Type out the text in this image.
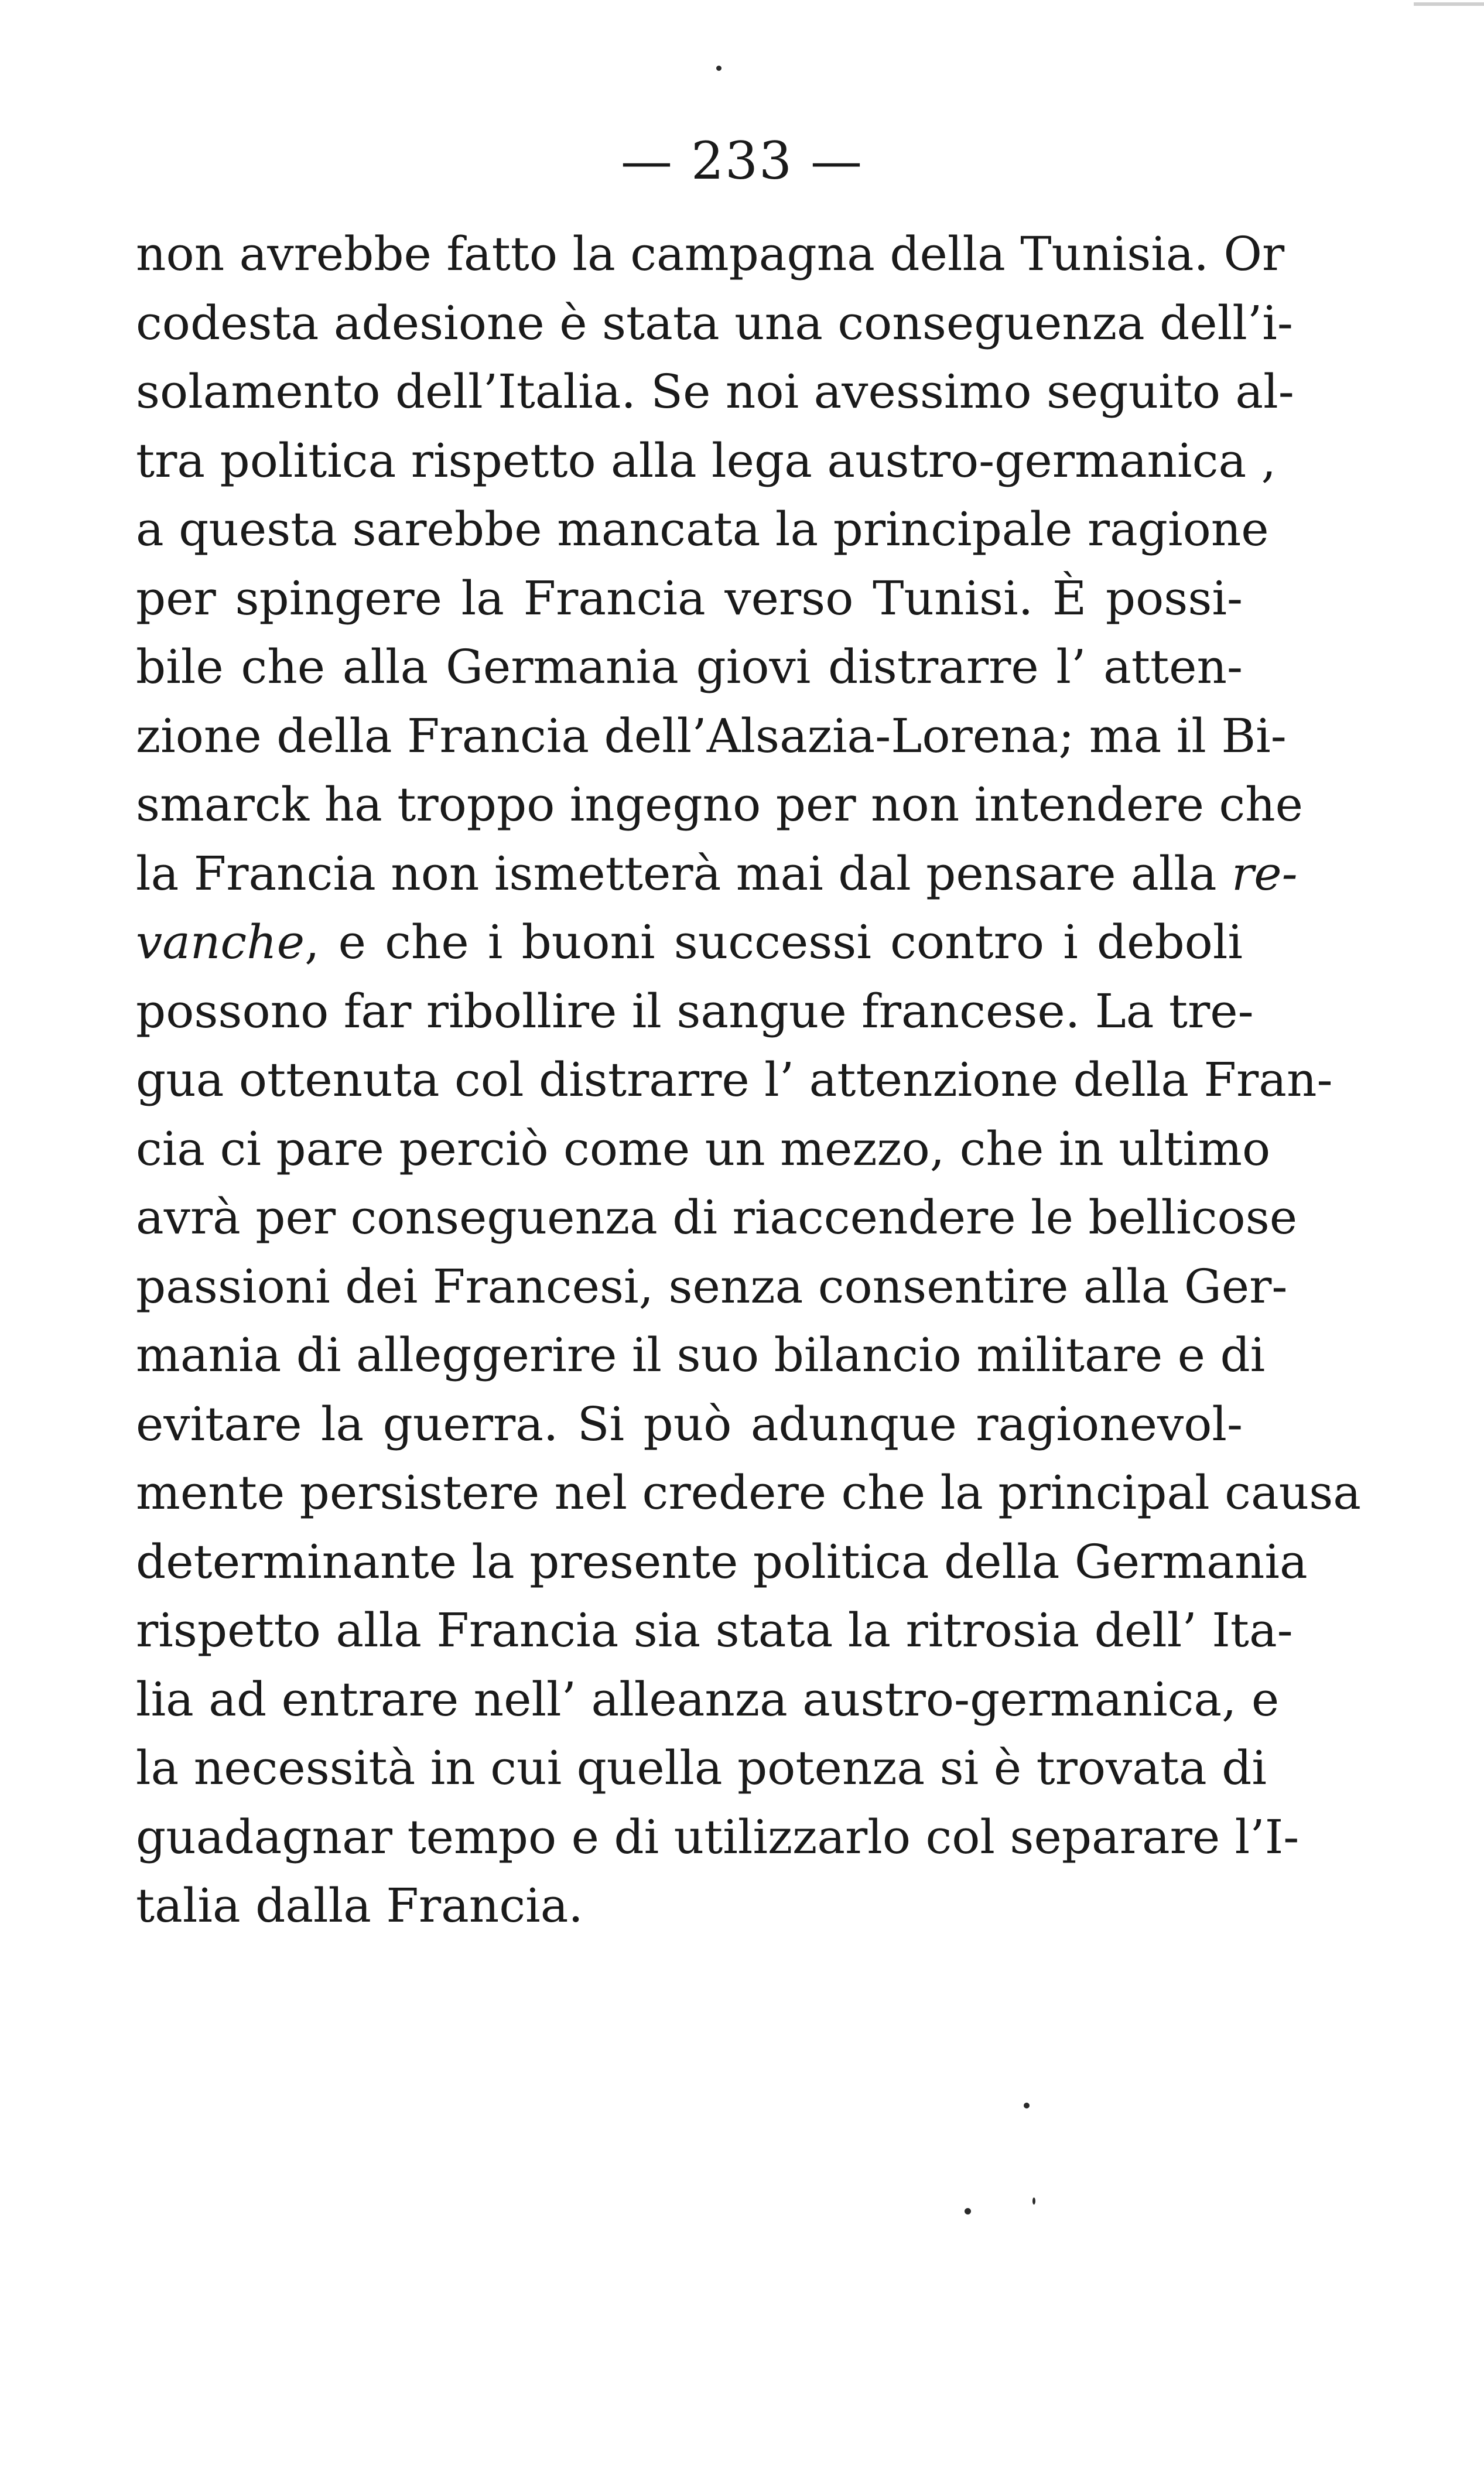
— 233 —
non avrebbe fatto la campagna della Tunisia. Or
codesta adesione è stata una conseguenza dell’i-
solamento dell’Italia. Se noi avessimo seguito al-
tra politica rispetto alla lega austro-germanica ,
a questa sarebbe mancata la principale ragione
per spingere la Francia verso Tunisi. È possi-
bile che alla Germania giovi distrarre l’ atten-
zione della Francia dell’Alsazia-Lorena; ma il Bi-
smarck ha troppo ingegno per non intendere che
la Francia non ismetterà mai dal pensare alla re-
vanche, e che i buoni successi contro i deboli
possono far ribollire il sangue francese. La tre-
gua ottenuta col distrarre l’ attenzione della Fran-
cia ci pare perciò come un mezzo, che in ultimo
avrà per conseguenza di riaccendere le bellicose
passioni dei Francesi, senza consentire alla Ger-
mania di alleggerire il suo bilancio militare e di
evitare la guerra. Si può adunque ragionevol-
mente persistere nel credere che la principal causa
determinante la presente politica della Germania
rispetto alla Francia sia stata la ritrosia dell’ Ita-
lia ad entrare nell’ alleanza austro-germanica, e
la necessità in cui quella potenza si è trovata di
guadagnar tempo e di utilizzarlo col separare l’I-
talia dalla Francia.
